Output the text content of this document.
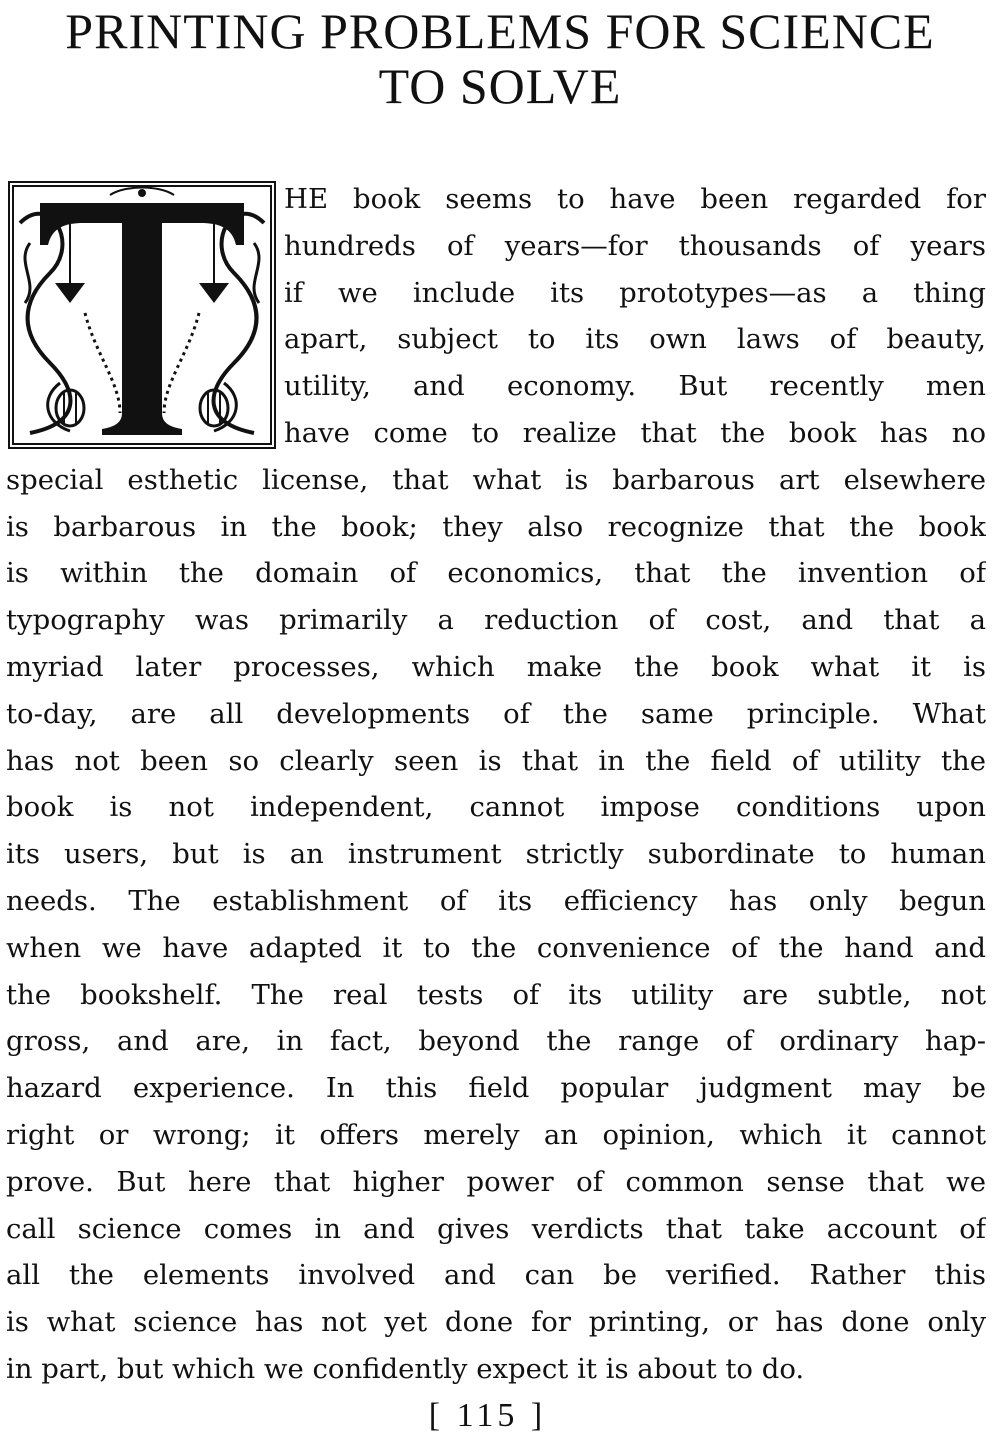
PRINTING PROBLEMS FOR SCIENCE
TO SOLVE
HE book seems to have been regarded for
hundreds of years—for thousands of years
if we include its prototypes—as a thing
apart, subject to its own laws of beauty,
utility, and economy. But recently men
have come to realize that the book has no
special esthetic license, that what is barbarous art elsewhere
is barbarous in the book; they also recognize that the book
is within the domain of economics, that the invention of
typography was primarily a reduction of cost, and that a
myriad later processes, which make the book what it is
to-day, are all developments of the same principle. What
has not been so clearly seen is that in the field of utility the
book is not independent, cannot impose conditions upon
its users, but is an instrument strictly subordinate to human
needs. The establishment of its efficiency has only begun
when we have adapted it to the convenience of the hand and
the bookshelf. The real tests of its utility are subtle, not
gross, and are, in fact, beyond the range of ordinary hap-
hazard experience. In this field popular judgment may be
right or wrong; it offers merely an opinion, which it cannot
prove. But here that higher power of common sense that we
call science comes in and gives verdicts that take account of
all the elements involved and can be verified. Rather this
is what science has not yet done for printing, or has done only
in part, but which we confidently expect it is about to do.
[ 115 ]
